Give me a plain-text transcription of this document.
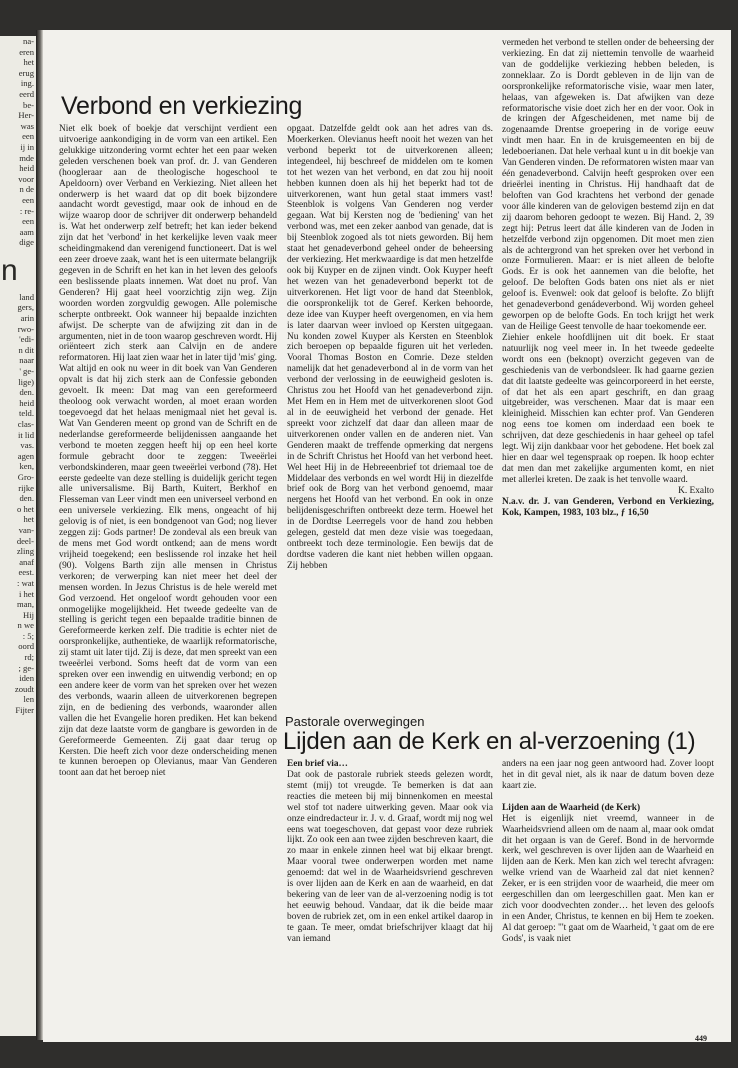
na-
eren
het
erug
ing.
eerd
be-
Her-
was
een
ij in
mde
heid
voor
n de
een
: re-
een
aam
dige
n
land
gers,
arin
rwo-
'edi-
n dit
naar
' ge-
lige)
den.
heid
teld.
clas-
it lid
vas.
agen
ken,
Gro-
rijke
den.
o het
het
van-
deel-
zling
anaf
eest.
: wat
i het
man,
Hij
n we
: 5;
oord
rd;
; ge-
iden
zoudt
len
Fijter
Verbond en verkiezing

Niet elk boek of boekje dat verschijnt verdient een uitvoerige aankondiging in de vorm van een artikel. Een gelukkige uitzondering vormt echter het een paar weken geleden verschenen boek van prof. dr. J. van Genderen (hoogleraar aan de theologische hogeschool te Apeldoorn) over Verband en Verkiezing. Niet alleen het onderwerp is het waard dat op dit boek bijzondere aandacht wordt gevestigd, maar ook de inhoud en de wijze waarop door de schrijver dit onderwerp behandeld is. Wat het onderwerp zelf betreft; het kan ieder bekend zijn dat het 'verbond' in het kerkelijke leven vaak meer scheidingmakend dan verenigend functioneert. Dat is wel een zeer droeve zaak, want het is een uitermate belangrijk gegeven in de Schrift en het kan in het leven des geloofs een beslissende plaats innemen. Wat doet nu prof. Van Genderen? Hij gaat heel voorzichtig zijn weg. Zijn woorden worden zorgvuldig gewogen. Alle polemische scherpte ontbreekt. Ook wanneer hij bepaalde inzichten afwijst. De scherpte van de afwijzing zit dan in de argumenten, niet in de toon waarop geschreven wordt. Hij oriënteert zich sterk aan Calvijn en de andere reformatoren. Hij laat zien waar het in later tijd 'mis' ging. Wat altijd en ook nu weer in dit boek van Van Genderen opvalt is dat hij zich sterk aan de Confessie gebonden gevoelt. Ik meen: Dat mag van een gereformeerd theoloog ook verwacht worden, al moet eraan worden toegevoegd dat het helaas menigmaal niet het geval is. Wat Van Genderen meent op grond van de Schrift en de nederlandse gereformeerde belijdenissen aangaande het verbond te moeten zeggen heeft hij op een heel korte formule gebracht door te zeggen: Tweeërlei verbondskinderen, maar geen tweeërlei verbond (78). Het eerste gedeelte van deze stelling is duidelijk gericht tegen alle universalisme. Bij Barth, Kuitert, Berkhof en Flesseman van Leer vindt men een universeel verbond en een universele verkiezing. Elk mens, ongeacht of hij gelovig is of niet, is een bondgenoot van God; nog liever zeggen zij: Gods partner! De zondeval als een breuk van de mens met God wordt ontkend; aan de mens wordt vrijheid toegekend; een beslissende rol inzake het heil (90). Volgens Barth zijn alle mensen in Christus verkoren; de verwerping kan niet meer het deel der mensen worden. In Jezus Christus is de hele wereld met God verzoend. Het ongeloof wordt gehouden voor een onmogelijke mogelijkheid. Het tweede gedeelte van de stelling is gericht tegen een bepaalde traditie binnen de Gereformeerde kerken zelf. Die traditie is echter niet de oorspronkelijke, authentieke, de waarlijk reformatorische, zij stamt uit later tijd. Zij is deze, dat men spreekt van een tweeërlei verbond. Soms heeft dat de vorm van een spreken over een inwendig en uitwendig verbond; en op een andere keer de vorm van het spreken over het wezen des verbonds, waarin alleen de uitverkorenen begrepen zijn, en de bediening des verbonds, waaronder allen vallen die het Evangelie horen prediken. Het kan bekend zijn dat deze laatste vorm de gangbare is geworden in de Gereformeerde Gemeenten. Zij gaat daar terug op Kersten. Die heeft zich voor deze onderscheiding menen te kunnen beroepen op Olevianus, maar Van Genderen toont aan dat het beroep niet

opgaat. Datzelfde geldt ook aan het adres van ds. Moerkerken. Olevianus heeft nooit het wezen van het verbond beperkt tot de uitverkorenen alleen; integendeel, hij beschreef de middelen om te komen tot het wezen van het verbond, en dat zou hij nooit hebben kunnen doen als hij het beperkt had tot de uitverkorenen, want hun getal staat immers vast! Steenblok is volgens Van Genderen nog verder gegaan. Wat bij Kersten nog de 'bediening' van het verbond was, met een zeker aanbod van genade, dat is bij Steenblok zogoed als tot niets geworden. Bij hem staat het genadeverbond geheel onder de beheersing der verkiezing. Het merkwaardige is dat men hetzelfde ook bij Kuyper en de zijnen vindt. Ook Kuyper heeft het wezen van het genadeverbond beperkt tot de uitverkorenen. Het ligt voor de hand dat Steenblok, die oorspronkelijk tot de Geref. Kerken behoorde, deze idee van Kuyper heeft overgenomen, en via hem is later daarvan weer invloed op Kersten uitgegaan. Nu konden zowel Kuyper als Kersten en Steenblok zich beroepen op bepaalde figuren uit het verleden. Vooral Thomas Boston en Comrie. Deze stelden namelijk dat het genadeverbond al in de vorm van het verbond der verlossing in de eeuwigheid gesloten is. Christus zou het Hoofd van het genadeverbond zijn. Met Hem en in Hem met de uitverkorenen sloot God al in de eeuwigheid het verbond der genade. Het spreekt voor zichzelf dat daar dan alleen maar de uitverkorenen onder vallen en de anderen niet. Van Genderen maakt de treffende opmerking dat nergens in de Schrift Christus het Hoofd van het verbond heet. Wel heet Hij in de Hebreeenbrief tot driemaal toe de Middelaar des verbonds en wel wordt Hij in diezelfde brief ook de Borg van het verbond genoemd, maar nergens het Hoofd van het verbond. En ook in onze belijdenisgeschriften ontbreekt deze term. Hoewel het in de Dordtse Leerregels voor de hand zou hebben gelegen, gesteld dat men deze visie was toegedaan, ontbreekt toch deze terminologie. Een bewijs dat de dordtse vaderen die kant niet hebben willen opgaan. Zij hebben

vermeden het verbond te stellen onder de beheersing der verkiezing. En dat zij niettemin tenvolle de waarheid van de goddelijke verkiezing hebben beleden, is zonneklaar. Zo is Dordt gebleven in de lijn van de oorspronkelijke reformatorische visie, waar men later, helaas, van afgeweken is. Dat afwijken van deze reformatorische visie doet zich her en der voor. Ook in de kringen der Afgescheidenen, met name bij de zogenaamde Drentse groepering in de vorige eeuw vindt men haar. En in de kruisgemeenten en bij de ledeboerianen. Dat hele verhaal kunt u in dit boekje van Van Genderen vinden. De reformatoren wisten maar van één genadeverbond. Calvijn heeft gesproken over een drieërlei inenting in Christus. Hij handhaaft dat de beloften van God krachtens het verbond der genade voor álle kinderen van de gelovigen bestemd zijn en dat zij daarom behoren gedoopt te wezen. Bij Hand. 2, 39 zegt hij: Petrus leert dat álle kinderen van de Joden in hetzelfde verbond zijn opgenomen. Dit moet men zien als de achtergrond van het spreken over het verbond in onze Formulieren. Maar: er is niet alleen de belofte Gods. Er is ook het aannemen van die belofte, het geloof. De beloften Gods baten ons niet als er niet geloof is. Evenwel: ook dat geloof is belofte. Zo blijft het genadeverbond genádeverbond. Wij worden geheel geworpen op de belofte Gods. En toch krijgt het werk van de Heilige Geest tenvolle de haar toekomende eer.

Ziehier enkele hoofdlijnen uit dit boek. Er staat natuurlijk nog veel meer in. In het tweede gedeelte wordt ons een (beknopt) overzicht gegeven van de geschiedenis van de verbondsleer. Ik had gaarne gezien dat dit laatste gedeelte was geincorporeerd in het eerste, of dat het als een apart geschrift, en dan graag uitgebreider, was verschenen. Maar dat is maar een kleinigheid. Misschien kan echter prof. Van Genderen nog eens toe komen om inderdaad een boek te schrijven, dat deze geschiedenis in haar geheel op tafel legt. Wij zijn dankbaar voor het gebodene. Het boek zal hier en daar wel tegenspraak op roepen. Ik hoop echter dat men dan met zakelijke argumenten komt, en niet met allerlei kreten. De zaak is het tenvolle waard.

K. Exalto

N.a.v. dr. J. van Genderen, Verbond en Verkiezing, Kok, Kampen, 1983, 103 blz., ƒ 16,50

Pastorale overwegingen
Lijden aan de Kerk en al-verzoening (1)
Een brief via…

Dat ook de pastorale rubriek steeds gelezen wordt, stemt (mij) tot vreugde. Te bemerken is dat aan reacties die meteen bij mij binnenkomen en meestal wel stof tot nadere uitwerking geven. Maar ook via onze eindredacteur ir. J. v. d. Graaf, wordt mij nog wel eens wat toegeschoven, dat gepast voor deze rubriek lijkt. Zo ook een aan twee zijden beschreven kaart, die zo maar in enkele zinnen heel wat bij elkaar brengt. Maar vooral twee onderwerpen worden met name genoemd: dat wel in de Waarheidsvriend geschreven is over lijden aan de Kerk en aan de waarheid, en dat bekering van de leer van de al-verzoening nodig is tot het eeuwig behoud. Vandaar, dat ik die beide maar boven de rubriek zet, om in een enkel artikel daarop in te gaan. Te meer, omdat briefschrijver klaagt dat hij van iemand

anders na een jaar nog geen antwoord had. Zover loopt het in dit geval niet, als ik naar de datum boven deze kaart zie.

Lijden aan de Waarheid (de Kerk)

Het is eigenlijk niet vreemd, wanneer in de Waarheidsvriend alleen om de naam al, maar ook omdat dit het orgaan is van de Geref. Bond in de hervormde kerk, wel geschreven is over lijden aan de Waarheid en lijden aan de Kerk. Men kan zich wel terecht afvragen: welke vriend van de Waarheid zal dat niet kennen? Zeker, er is een strijden voor de waarheid, die meer om eergeschillen dan om leergeschillen gaat. Men kan er zich voor doodvechten zonder… het leven des geloofs in een Ander, Christus, te kennen en bij Hem te zoeken. Al dat geroep: "'t gaat om de Waarheid, 't gaat om de ere Gods', is vaak niet

449
